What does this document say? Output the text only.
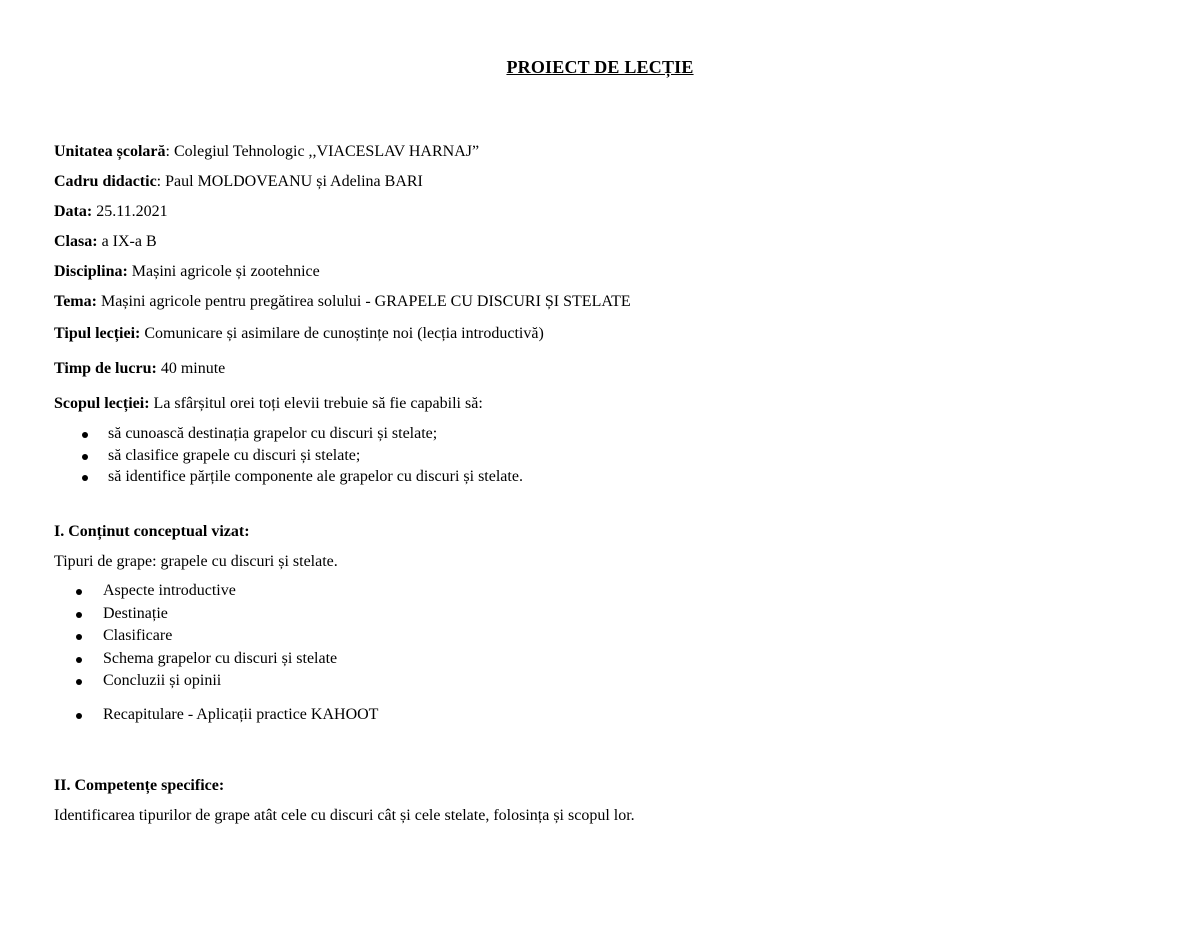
PROIECT DE LECȚIE
Unitatea școlară: Colegiul Tehnologic ,,VIACESLAV HARNAJ”
Cadru didactic: Paul MOLDOVEANU și Adelina BARI
Data: 25.11.2021
Clasa: a IX-a B
Disciplina: Mașini agricole și zootehnice
Tema: Mașini agricole pentru pregătirea solului - GRAPELE CU DISCURI ȘI STELATE
Tipul lecției: Comunicare și asimilare de cunoștințe noi (lecția introductivă)
Timp de lucru: 40 minute
Scopul lecției: La sfârșitul orei toți elevii trebuie să fie capabili să:
să cunoască destinația grapelor cu discuri și stelate;
să clasifice grapele cu discuri și stelate;
să identifice părțile componente ale grapelor cu discuri și stelate.
I. Conținut conceptual vizat:
Tipuri de grape: grapele cu discuri și stelate.
Aspecte introductive
Destinație
Clasificare
Schema grapelor cu discuri și stelate
Concluzii și opinii
Recapitulare - Aplicații practice KAHOOT
II. Competențe specifice:
Identificarea tipurilor de grape atât cele cu discuri cât și cele stelate, folosința și scopul lor.
